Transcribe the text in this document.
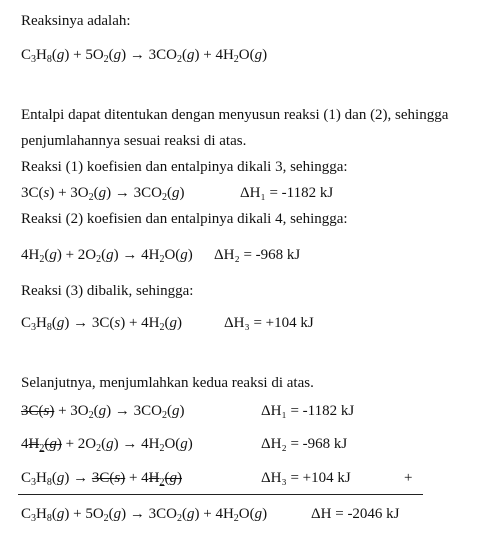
Reaksinya adalah:
$C_3H_8(g) + 5O_2(g) \to 3CO_2(g) + 4H_2O(g)$
Entalpi dapat ditentukan dengan menyusun reaksi (1) dan (2), sehingga
penjumlahannya sesuai reaksi di atas.
Reaksi (1) koefisien dan entalpinya dikali 3, sehingga:
$3C(s) + 3O_2(g) \to 3CO_2(g)$	ΔH₁ = -1182 kJ
Reaksi (2) koefisien dan entalpinya dikali 4, sehingga:
$4H_2(g) + 2O_2(g) \to 4H_2O(g) \Delta H_2 = -968$ kJ
Reaksi (3) dibalik, sehingga:
$C_3H_8(g) \to 3C(s) + 4H_2(g)$	ΔH₃ = +104 kJ
Selanjutnya, menjumlahkan kedua reaksi di atas.
$3C(s) + 3O_2(g) \to 3CO_2(g)$	ΔH₁ = -1182 kJ
$4H_2(g) + 2O_2(g) \to 4H_2O(g)$	ΔH₂ = -968 kJ
$C_3H_8(g) \to 3C(s) + 4H_2(g)$	ΔH₃ = +104 kJ	+
$C_3H_8(g) + 5O_2(g) \to 3CO_2(g) + 4H_2O(g)$	ΔH = -2046 kJ
